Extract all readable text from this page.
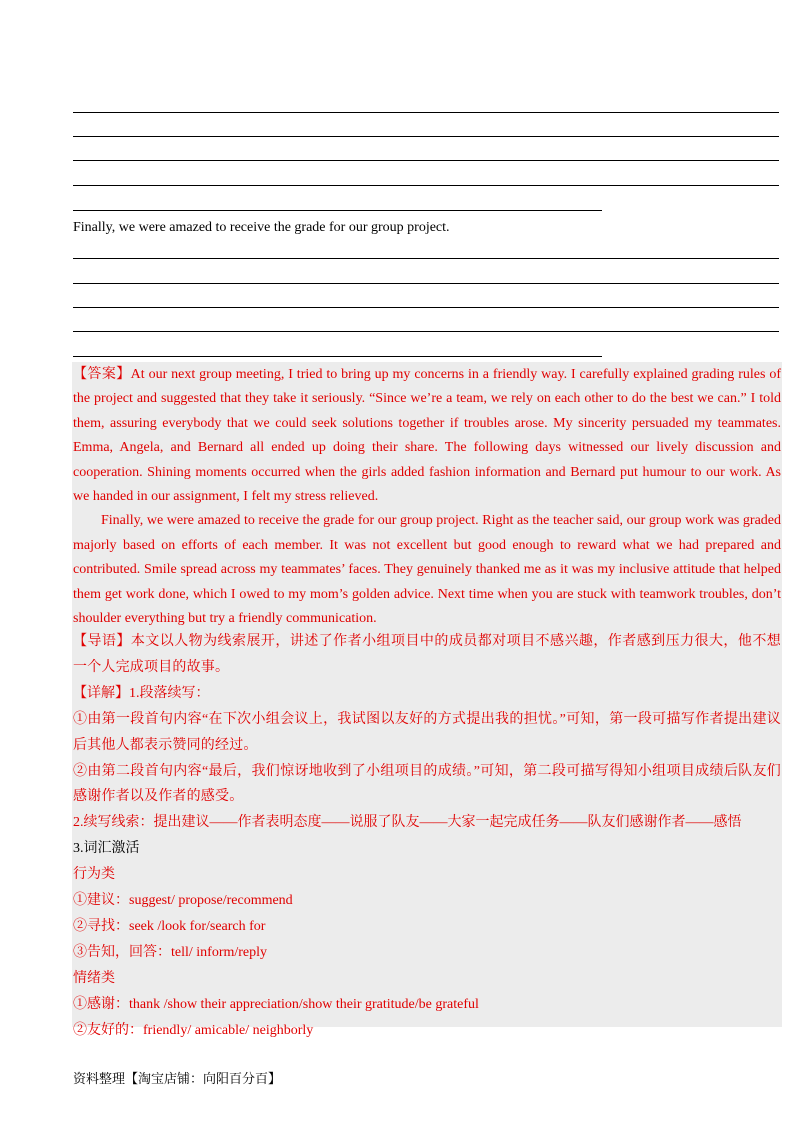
Finally, we were amazed to receive the grade for our group project.

【答案】At our next group meeting, I tried to bring up my concerns in a friendly way. I carefully explained grading rules of the project and suggested that they take it seriously. “Since we’re a team, we rely on each other to do the best we can.” I told them, assuring everybody that we could seek solutions together if troubles arose. My sincerity persuaded my teammates. Emma, Angela, and Bernard all ended up doing their share. The following days witnessed our lively discussion and cooperation. Shining moments occurred when the girls added fashion information and Bernard put humour to our work. As we handed in our assignment, I felt my stress relieved.

Finally, we were amazed to receive the grade for our group project. Right as the teacher said, our group work was graded majorly based on efforts of each member. It was not excellent but good enough to reward what we had prepared and contributed. Smile spread across my teammates’ faces. They genuinely thanked me as it was my inclusive attitude that helped them get work done, which I owed to my mom’s golden advice. Next time when you are stuck with teamwork troubles, don’t shoulder everything but try a friendly communication.

【导语】本文以人物为线索展开，讲述了作者小组项目中的成员都对项目不感兴趣，作者感到压力很大，他不想一个人完成项目的故事。

【详解】1.段落续写：

①由第一段首句内容“在下次小组会议上，我试图以友好的方式提出我的担忧。”可知，第一段可描写作者提出建议后其他人都表示赞同的经过。

②由第二段首句内容“最后，我们惊讶地收到了小组项目的成绩。”可知，第二段可描写得知小组项目成绩后队友们感谢作者以及作者的感受。

2.续写线索：提出建议——作者表明态度——说服了队友——大家一起完成任务——队友们感谢作者——感悟

3.词汇激活

行为类

①建议：suggest/ propose/recommend

②寻找：seek /look for/search for

③告知，回答：tell/ inform/reply

情绪类

①感谢：thank /show their appreciation/show their gratitude/be grateful

②友好的：friendly/ amicable/ neighborly

资料整理【淘宝店铺：向阳百分百】
